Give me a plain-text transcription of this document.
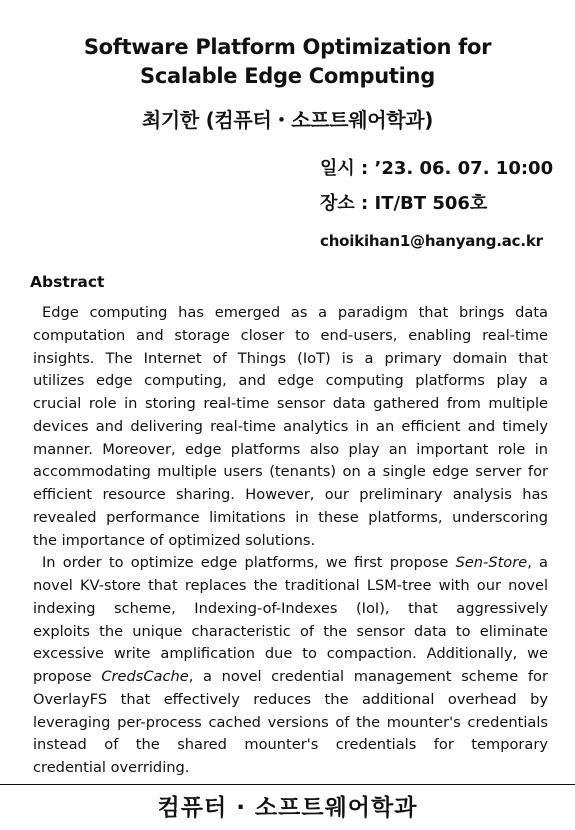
Software Platform Optimization for
Scalable Edge Computing
최기한 (컴퓨터・소프트웨어학과)
일시 : ’23. 06. 07. 10:00
장소 : IT/BT 506호
choikihan1@hanyang.ac.kr
Abstract
Edge computing has emerged as a paradigm that brings data
computation and storage closer to end-users, enabling real-time
insights. The Internet of Things (IoT) is a primary domain that
utilizes edge computing, and edge computing platforms play a
crucial role in storing real-time sensor data gathered from multiple
devices and delivering real-time analytics in an efficient and timely
manner. Moreover, edge platforms also play an important role in
accommodating multiple users (tenants) on a single edge server for
efficient resource sharing. However, our preliminary analysis has
revealed performance limitations in these platforms, underscoring
the importance of optimized solutions.
In order to optimize edge platforms, we first propose Sen-Store, a
novel KV-store that replaces the traditional LSM-tree with our novel
indexing scheme, Indexing-of-Indexes (IoI), that aggressively
exploits the unique characteristic of the sensor data to eliminate
excessive write amplification due to compaction. Additionally, we
propose CredsCache, a novel credential management scheme for
OverlayFS that effectively reduces the additional overhead by
leveraging per-process cached versions of the mounter's credentials
instead of the shared mounter's credentials for temporary
credential overriding.
컴퓨터 · 소프트웨어학과
